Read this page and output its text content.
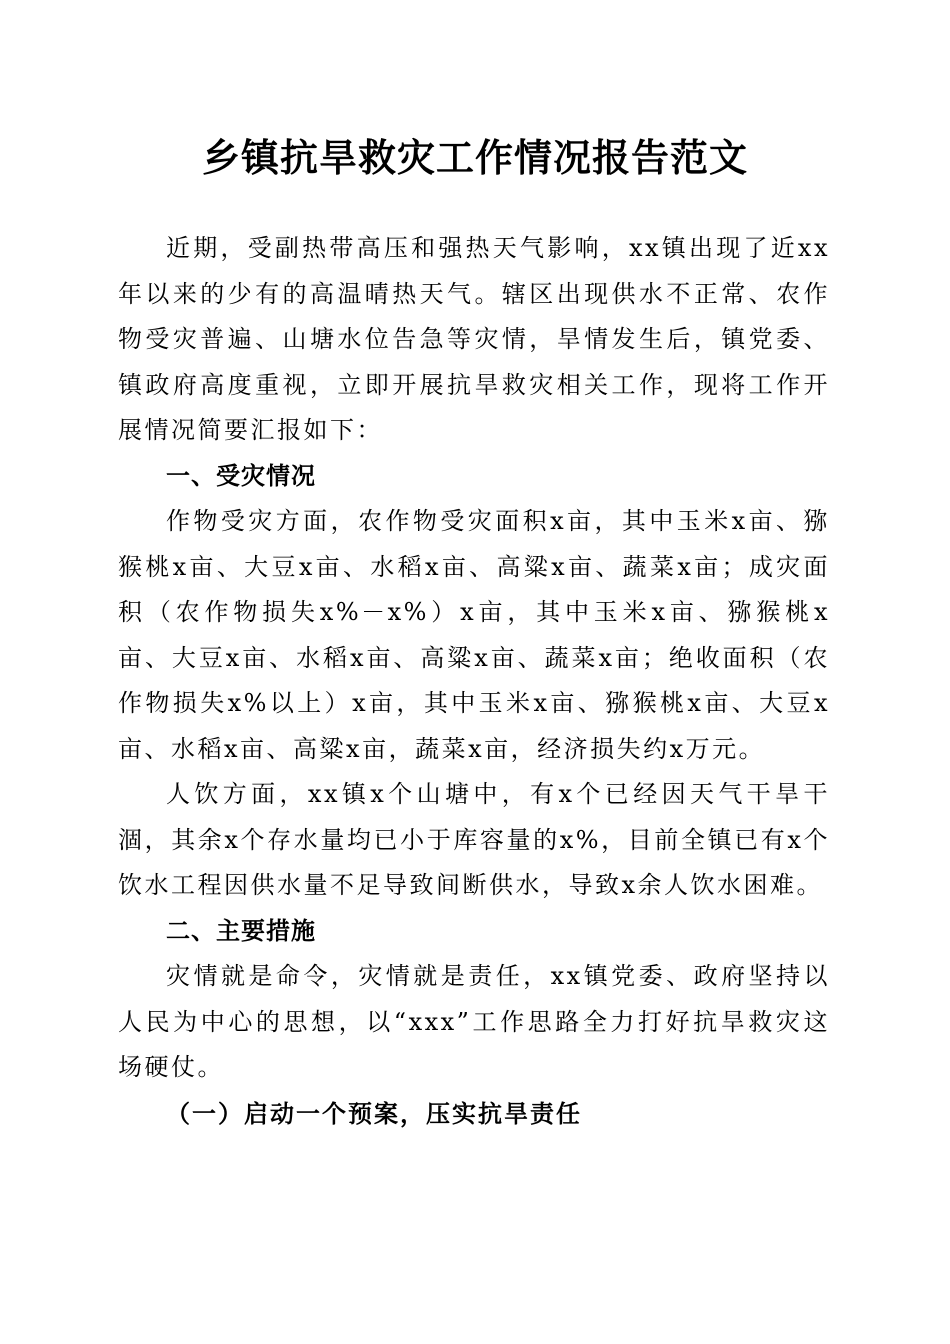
乡镇抗旱救灾工作情况报告范文

近期，受副热带高压和强热天气影响，xx镇出现了近xx年以来的少有的高温晴热天气。辖区出现供水不正常、农作物受灾普遍、山塘水位告急等灾情，旱情发生后，镇党委、镇政府高度重视，立即开展抗旱救灾相关工作，现将工作开展情况简要汇报如下：

一、受灾情况

作物受灾方面，农作物受灾面积x亩，其中玉米x亩、猕猴桃x亩、大豆x亩、水稻x亩、高粱x亩、蔬菜x亩；成灾面积（农作物损失x%－x%）x亩，其中玉米x亩、猕猴桃x亩、大豆x亩、水稻x亩、高粱x亩、蔬菜x亩；绝收面积（农作物损失x%以上）x亩，其中玉米x亩、猕猴桃x亩、大豆x亩、水稻x亩、高粱x亩，蔬菜x亩，经济损失约x万元。

人饮方面，xx镇x个山塘中，有x个已经因天气干旱干涸，其余x个存水量均已小于库容量的x%，目前全镇已有x个饮水工程因供水量不足导致间断供水，导致x余人饮水困难。

二、主要措施

灾情就是命令，灾情就是责任，xx镇党委、政府坚持以人民为中心的思想，以“xxx”工作思路全力打好抗旱救灾这场硬仗。

（一）启动一个预案，压实抗旱责任
